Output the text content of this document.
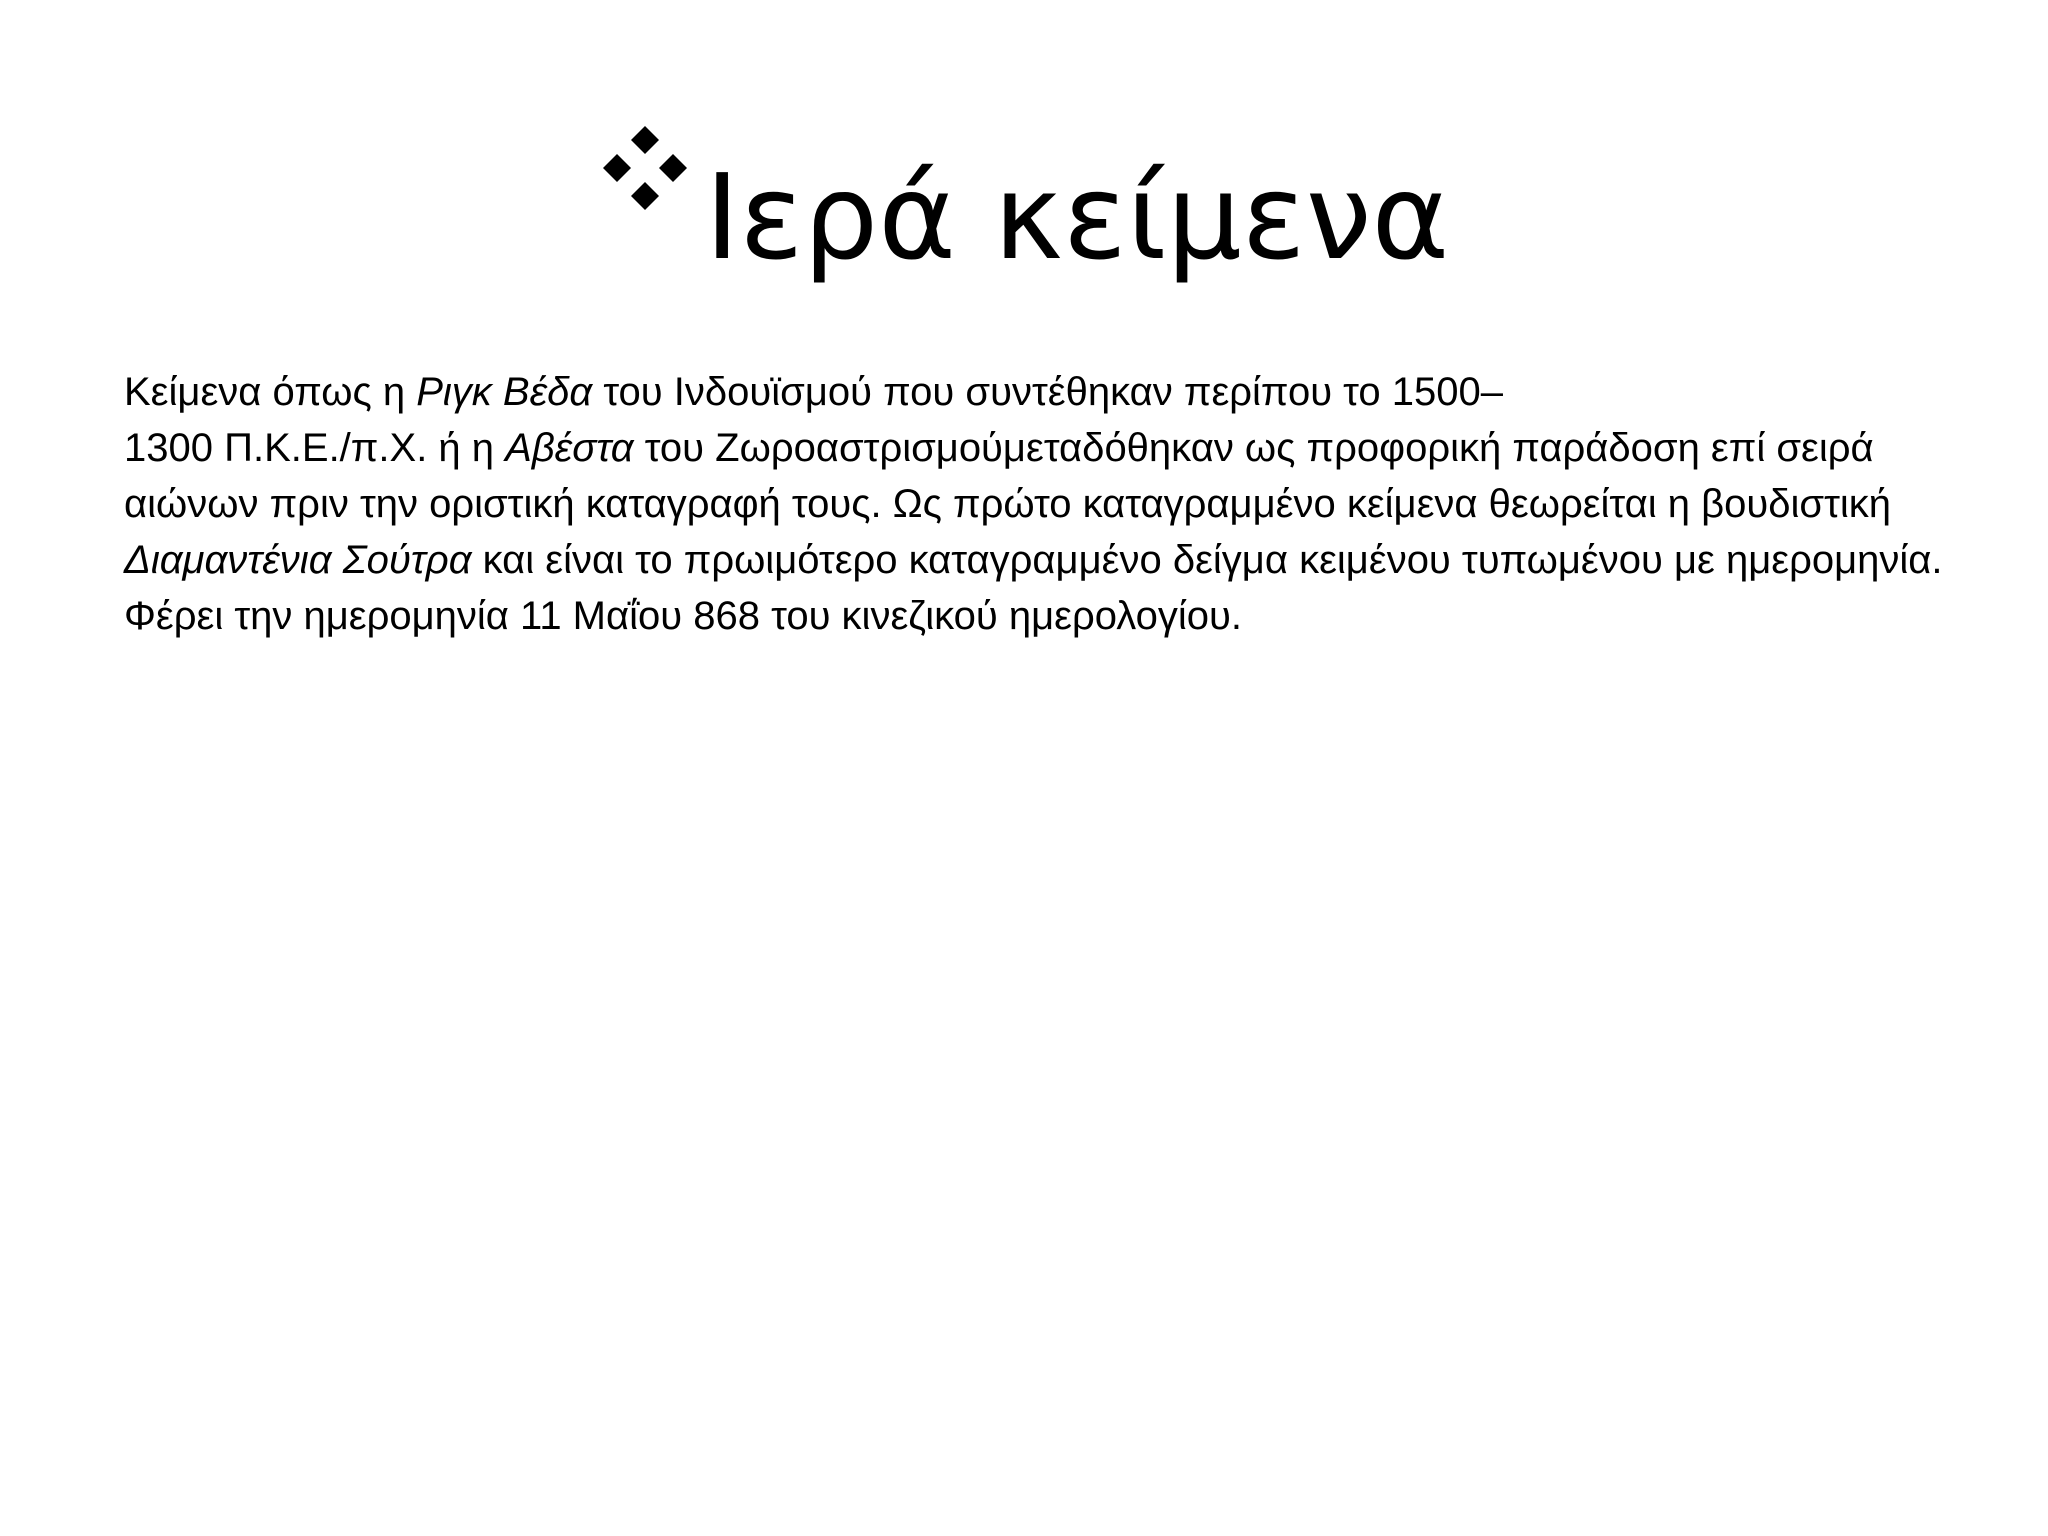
Ιερά κείμενα

Κείμενα όπως η Ριγκ Βέδα του Ινδουϊσμού που συντέθηκαν περίπου το 1500–
1300 Π.Κ.Ε./π.Χ. ή η Αβέστα του Ζωροαστρισμούμεταδόθηκαν ως προφορική παράδοση επί σειρά αιώνων πριν την οριστική καταγραφή τους. Ως πρώτο καταγραμμένο κείμενα θεωρείται η βουδιστική Διαμαντένια Σούτρα και είναι το πρωιμότερο καταγραμμένο δείγμα κειμένου τυπωμένου με ημερομηνία. Φέρει την ημερομηνία 11 Μαΐου 868 του κινεζικού ημερολογίου.
